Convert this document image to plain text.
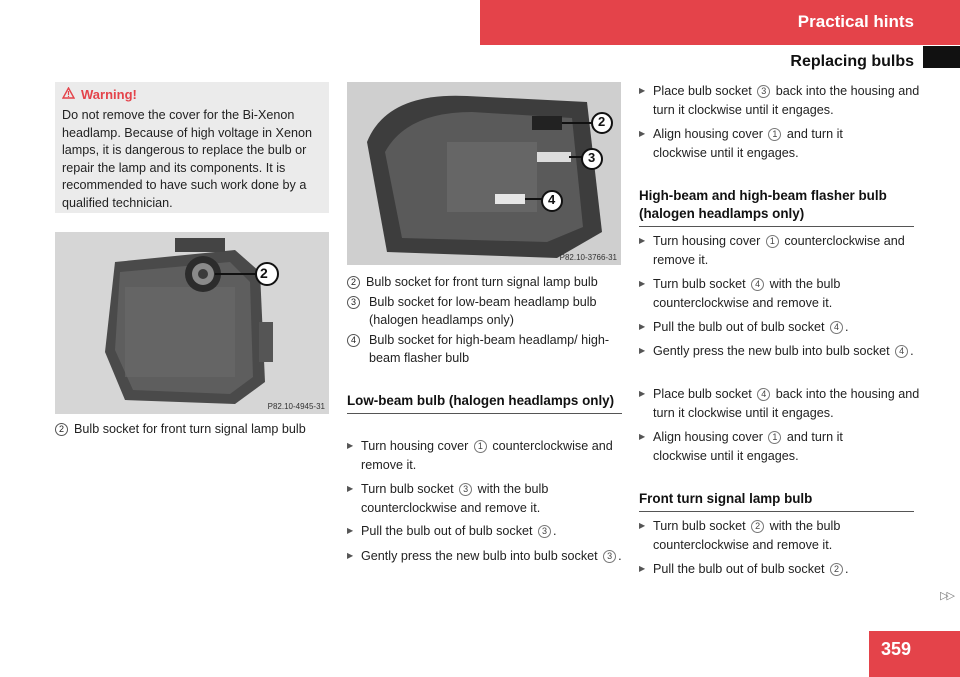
Practical hints
Replacing bulbs
Warning!
Do not remove the cover for the Bi-Xenon headlamp. Because of high voltage in Xenon lamps, it is dangerous to replace the bulb or repair the lamp and its components. It is recommended to have such work done by a qualified technician.
2
P82.10-4945-31
2 Bulb socket for front turn signal lamp bulb
2
3
4
P82.10-3766-31
2 Bulb socket for front turn signal lamp bulb
3	Bulb socket for low-beam headlamp bulb (halogen headlamps only)
4	Bulb socket for high-beam headlamp/ high-beam flasher bulb
Low-beam bulb (halogen headlamps only)
▶ Turn housing cover 1 counterclockwise and remove it.
▶ Turn bulb socket 3 with the bulb counterclockwise and remove it.
▶ Pull the bulb out of bulb socket 3 .
▶ Gently press the new bulb into bulb socket 3 .
▶ Place bulb socket 3 back into the housing and turn it clockwise until it engages.
▶ Align housing cover 1 and turn it clockwise until it engages.
High-beam and high-beam flasher bulb (halogen headlamps only)
▶ Turn housing cover 1 counterclockwise and remove it.
▶ Turn bulb socket 4 with the bulb counterclockwise and remove it.
▶ Pull the bulb out of bulb socket 4 .
▶ Gently press the new bulb into bulb socket 4 .
▶ Place bulb socket 4 back into the housing and turn it clockwise until it engages.
▶ Align housing cover 1 and turn it clockwise until it engages.
Front turn signal lamp bulb
▶ Turn bulb socket 2 with the bulb counterclockwise and remove it.
▶ Pull the bulb out of bulb socket 2 .
▷▷
359
